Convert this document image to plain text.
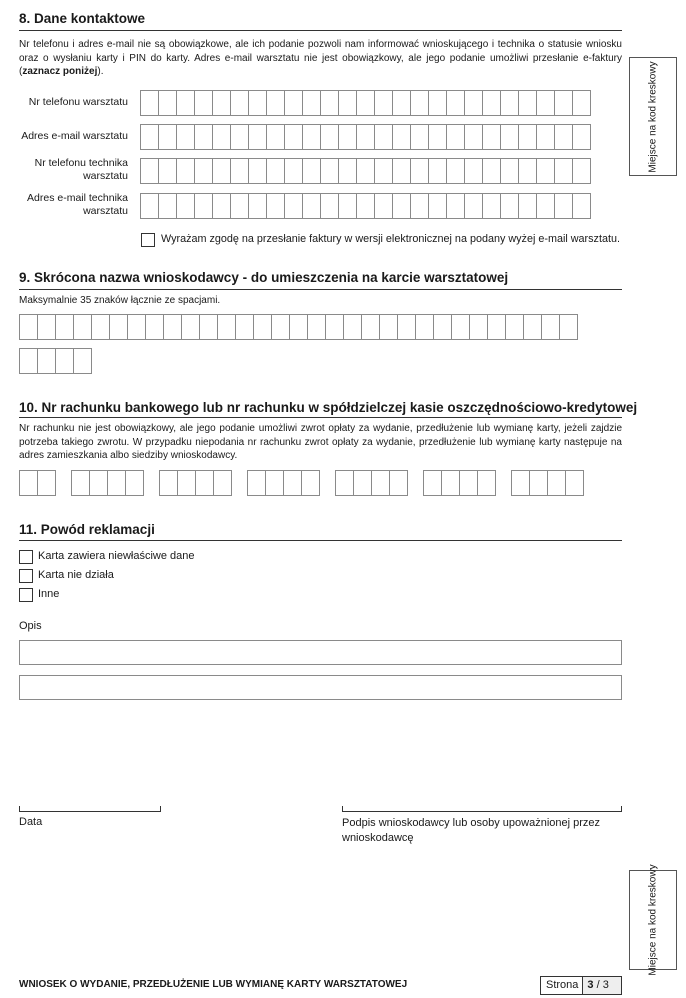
Miejsce na kod kreskowy
Miejsce na kod kreskowy
8. Dane kontaktowe
Nr telefonu i adres e-mail nie są obowiązkowe, ale ich podanie pozwoli nam informować wnioskującego i technika o statusie wniosku oraz o wysłaniu karty i PIN do karty. Adres e-mail warsztatu nie jest obowiązkowy, ale jego podanie umożliwi przesłanie e-faktury (zaznacz poniżej).
Nr telefonu warsztatu
Adres e-mail warsztatu
Nr telefonu technika warsztatu
Adres e-mail technika warsztatu
Wyrażam zgodę na przesłanie faktury w wersji elektronicznej na podany wyżej e-mail warsztatu.
9. Skrócona nazwa wnioskodawcy - do umieszczenia na karcie warsztatowej
Maksymalnie 35 znaków łącznie ze spacjami.
10. Nr rachunku bankowego lub nr rachunku w spółdzielczej kasie oszczędnościowo-kredytowej
Nr rachunku nie jest obowiązkowy, ale jego podanie umożliwi zwrot opłaty za wydanie, przedłużenie lub wymianę karty, jeżeli zajdzie potrzeba takiego zwrotu. W przypadku niepodania nr rachunku zwrot opłaty za wydanie, przedłużenie lub wymianę karty następuje na adres zamieszkania albo siedziby wnioskodawcy.
11. Powód reklamacji
Karta zawiera niewłaściwe dane
Karta nie działa
Inne
Opis
Data	Podpis wnioskodawcy lub osoby upoważnionej przez wnioskodawcę
WNIOSEK O WYDANIE, PRZEDŁUŻENIE LUB WYMIANĘ KARTY WARSZTATOWEJ	Strona 3 / 3
